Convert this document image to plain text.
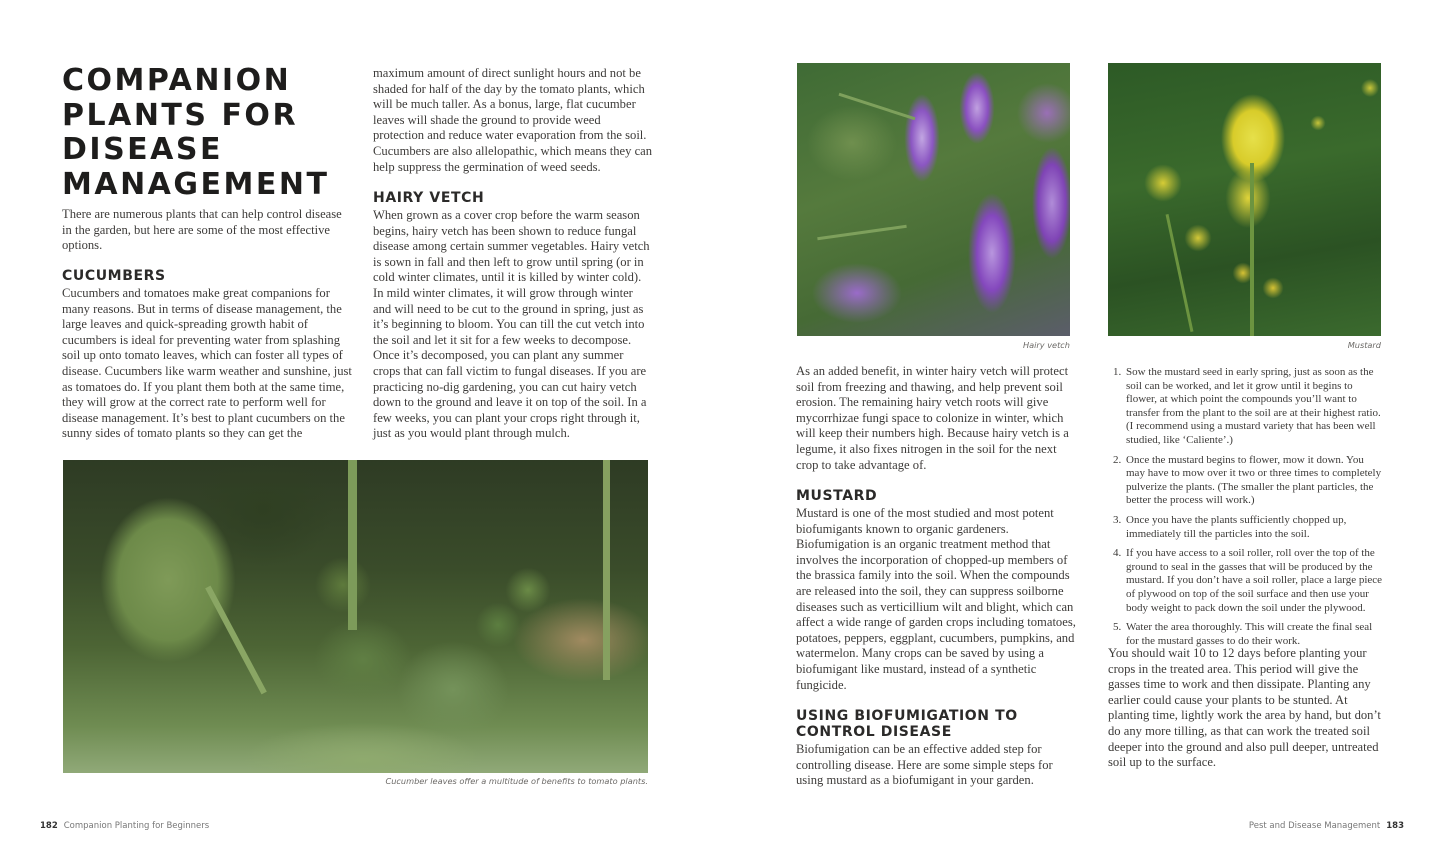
COMPANION
PLANTS FOR
DISEASE
MANAGEMENT

There are numerous plants that can help control disease in the garden, but here are some of the most effective options.

CUCUMBERS

Cucumbers and tomatoes make great companions for many reasons. But in terms of disease management, the large leaves and quick-spreading growth habit of cucumbers is ideal for preventing water from splashing soil up onto tomato leaves, which can foster all types of disease. Cucumbers like warm weather and sunshine, just as tomatoes do. If you plant them both at the same time, they will grow at the correct rate to perform well for disease management. It’s best to plant cucumbers on the sunny sides of tomato plants so they can get the

maximum amount of direct sunlight hours and not be shaded for half of the day by the tomato plants, which will be much taller. As a bonus, large, flat cucumber leaves will shade the ground to provide weed protection and reduce water evaporation from the soil. Cucumbers are also allelopathic, which means they can help suppress the germination of weed seeds.

HAIRY VETCH

When grown as a cover crop before the warm season begins, hairy vetch has been shown to reduce fungal disease among certain summer vegetables. Hairy vetch is sown in fall and then left to grow until spring (or in cold winter climates, until it is killed by winter cold). In mild winter climates, it will grow through winter and will need to be cut to the ground in spring, just as it’s beginning to bloom. You can till the cut vetch into the soil and let it sit for a few weeks to decompose. Once it’s decomposed, you can plant any summer crops that can fall victim to fungal diseases. If you are practicing no-dig gardening, you can cut hairy vetch down to the ground and leave it on top of the soil. In a few weeks, you can plant your crops right through it, just as you would plant through mulch.

Cucumber leaves offer a multitude of benefits to tomato plants.
182 Companion Planting for Beginners
Hairy vetch	Mustard

As an added benefit, in winter hairy vetch will protect soil from freezing and thawing, and help prevent soil erosion. The remaining hairy vetch roots will give mycorrhizae fungi space to colonize in winter, which will keep their numbers high. Because hairy vetch is a legume, it also fixes nitrogen in the soil for the next crop to take advantage of.

MUSTARD

Mustard is one of the most studied and most potent biofumigants known to organic gardeners. Biofumigation is an organic treatment method that involves the incorporation of chopped-up members of the brassica family into the soil. When the compounds are released into the soil, they can suppress soilborne diseases such as verticillium wilt and blight, which can affect a wide range of garden crops including tomatoes, potatoes, peppers, eggplant, cucumbers, pumpkins, and watermelon. Many crops can be saved by using a biofumigant like mustard, instead of a synthetic fungicide.

USING BIOFUMIGATION TO
CONTROL DISEASE

Biofumigation can be an effective added step for controlling disease. Here are some simple steps for using mustard as a biofumigant in your garden.

1. Sow the mustard seed in early spring, just as soon as the soil can be worked, and let it grow until it begins to flower, at which point the compounds you’ll want to transfer from the plant to the soil are at their highest ratio. (I recommend using a mustard variety that has been well studied, like ‘Caliente’.)
2. Once the mustard begins to flower, mow it down. You may have to mow over it two or three times to completely pulverize the plants. (The smaller the plant particles, the better the process will work.)
3. Once you have the plants sufficiently chopped up, immediately till the particles into the soil.
4. If you have access to a soil roller, roll over the top of the ground to seal in the gasses that will be produced by the mustard. If you don’t have a soil roller, place a large piece of plywood on top of the soil surface and then use your body weight to pack down the soil under the plywood.
5. Water the area thoroughly. This will create the final seal for the mustard gasses to do their work.

You should wait 10 to 12 days before planting your crops in the treated area. This period will give the gasses time to work and then dissipate. Planting any earlier could cause your plants to be stunted. At planting time, lightly work the area by hand, but don’t do any more tilling, as that can work the treated soil deeper into the ground and also pull deeper, untreated soil up to the surface.

Pest and Disease Management 183
